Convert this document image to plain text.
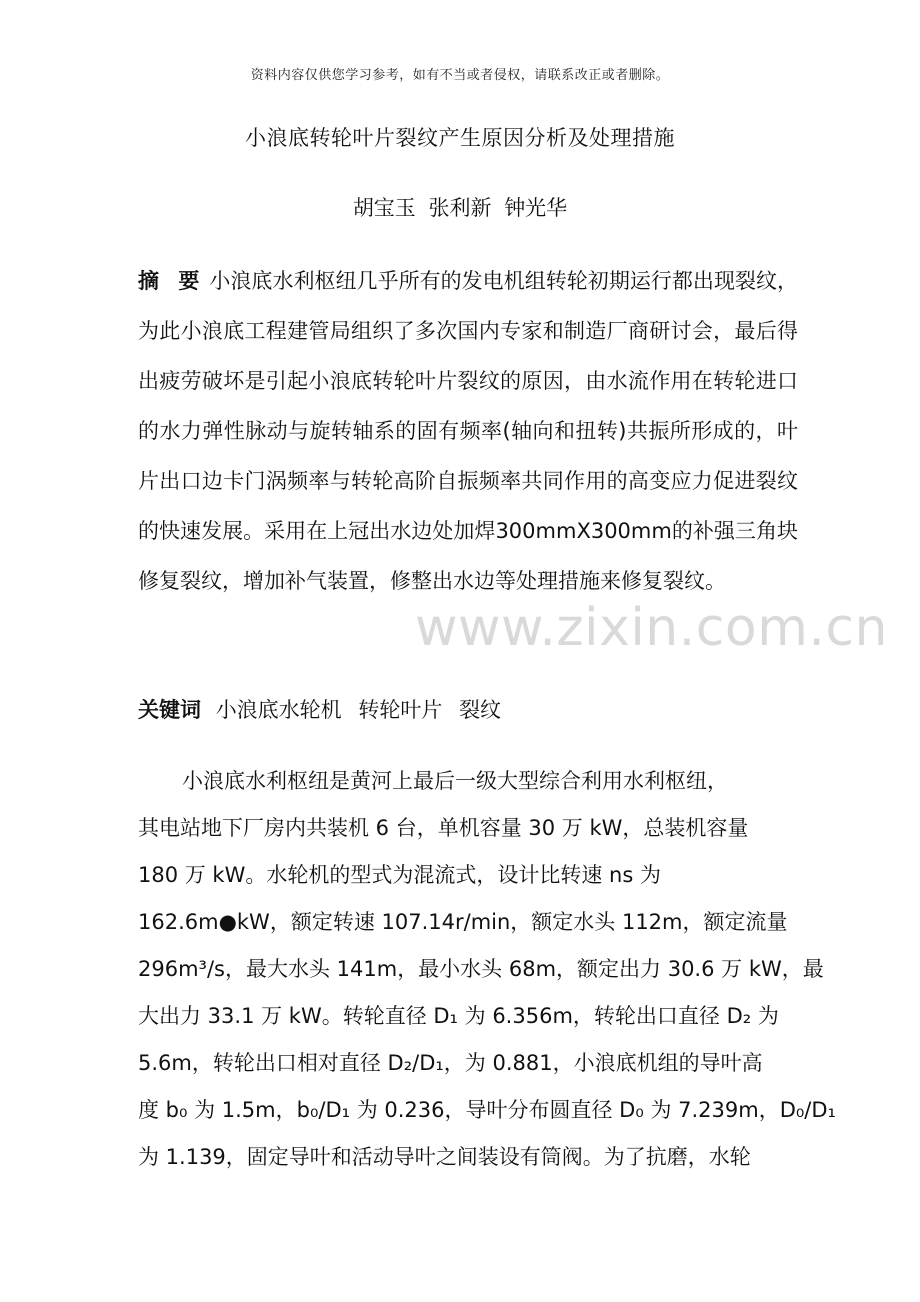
资料内容仅供您学习参考，如有不当或者侵权，请联系改正或者删除。
小浪底转轮叶片裂纹产生原因分析及处理措施
胡宝玉 张利新 钟光华
摘 要 小浪底水利枢纽几乎所有的发电机组转轮初期运行都出现裂纹，为此小浪底工程建管局组织了多次国内专家和制造厂商研讨会，最后得出疲劳破坏是引起小浪底转轮叶片裂纹的原因，由水流作用在转轮进口的水力弹性脉动与旋转轴系的固有频率(轴向和扭转)共振所形成的，叶片出口边卡门涡频率与转轮高阶自振频率共同作用的高变应力促进裂纹的快速发展。采用在上冠出水边处加焊300mmX300mm的补强三角块修复裂纹，增加补气装置，修整出水边等处理措施来修复裂纹。
www.zixin.com.cn
关键词 小浪底水轮机 转轮叶片 裂纹
小浪底水利枢纽是黄河上最后一级大型综合利用水利枢纽，
其电站地下厂房内共装机 6 台，单机容量 30 万 kW，总装机容量
180 万 kW。水轮机的型式为混流式，设计比转速 ns 为
162.6m●kW，额定转速 107.14r/min，额定水头 112m，额定流量
296m³/s，最大水头 141m，最小水头 68m，额定出力 30.6 万 kW，最
大出力 33.1 万 kW。转轮直径 D₁ 为 6.356m，转轮出口直径 D₂ 为
5.6m，转轮出口相对直径 D₂/D₁，为 0.881，小浪底机组的导叶高
度 b₀ 为 1.5m，b₀/D₁ 为 0.236，导叶分布圆直径 D₀ 为 7.239m，D₀/D₁
为 1.139，固定导叶和活动导叶之间装设有筒阀。为了抗磨，水轮
